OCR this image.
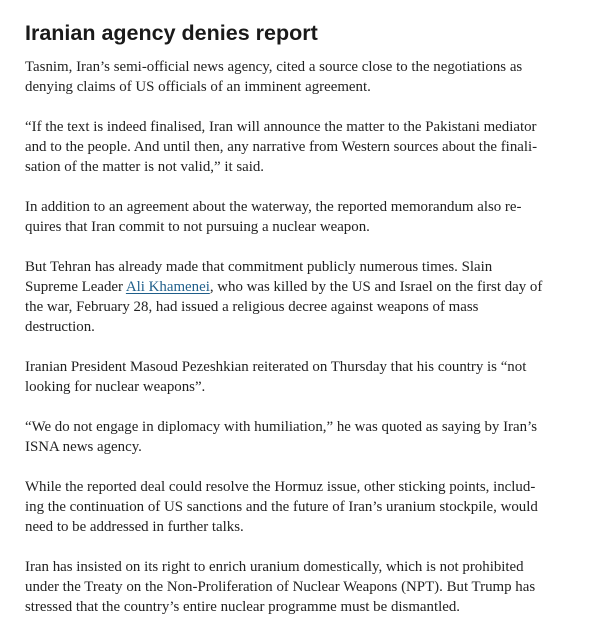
Iranian agency denies report

Tasnim, Iran’s semi-official news agency, cited a source close to the negotiations as
denying claims of US officials of an imminent agreement.

“If the text is indeed finalised, Iran will announce the matter to the Pakistani mediator
and to the people. And until then, any narrative from Western sources about the finali-
sation of the matter is not valid,” it said.

In addition to an agreement about the waterway, the reported memorandum also re-
quires that Iran commit to not pursuing a nuclear weapon.

But Tehran has already made that commitment publicly numerous times. Slain
Supreme Leader Ali Khamenei, who was killed by the US and Israel on the first day of
the war, February 28, had issued a religious decree against weapons of mass
destruction.

Iranian President Masoud Pezeshkian reiterated on Thursday that his country is “not
looking for nuclear weapons”.

“We do not engage in diplomacy with humiliation,” he was quoted as saying by Iran’s
ISNA news agency.

While the reported deal could resolve the Hormuz issue, other sticking points, includ-
ing the continuation of US sanctions and the future of Iran’s uranium stockpile, would
need to be addressed in further talks.

Iran has insisted on its right to enrich uranium domestically, which is not prohibited
under the Treaty on the Non-Proliferation of Nuclear Weapons (NPT). But Trump has
stressed that the country’s entire nuclear programme must be dismantled.
